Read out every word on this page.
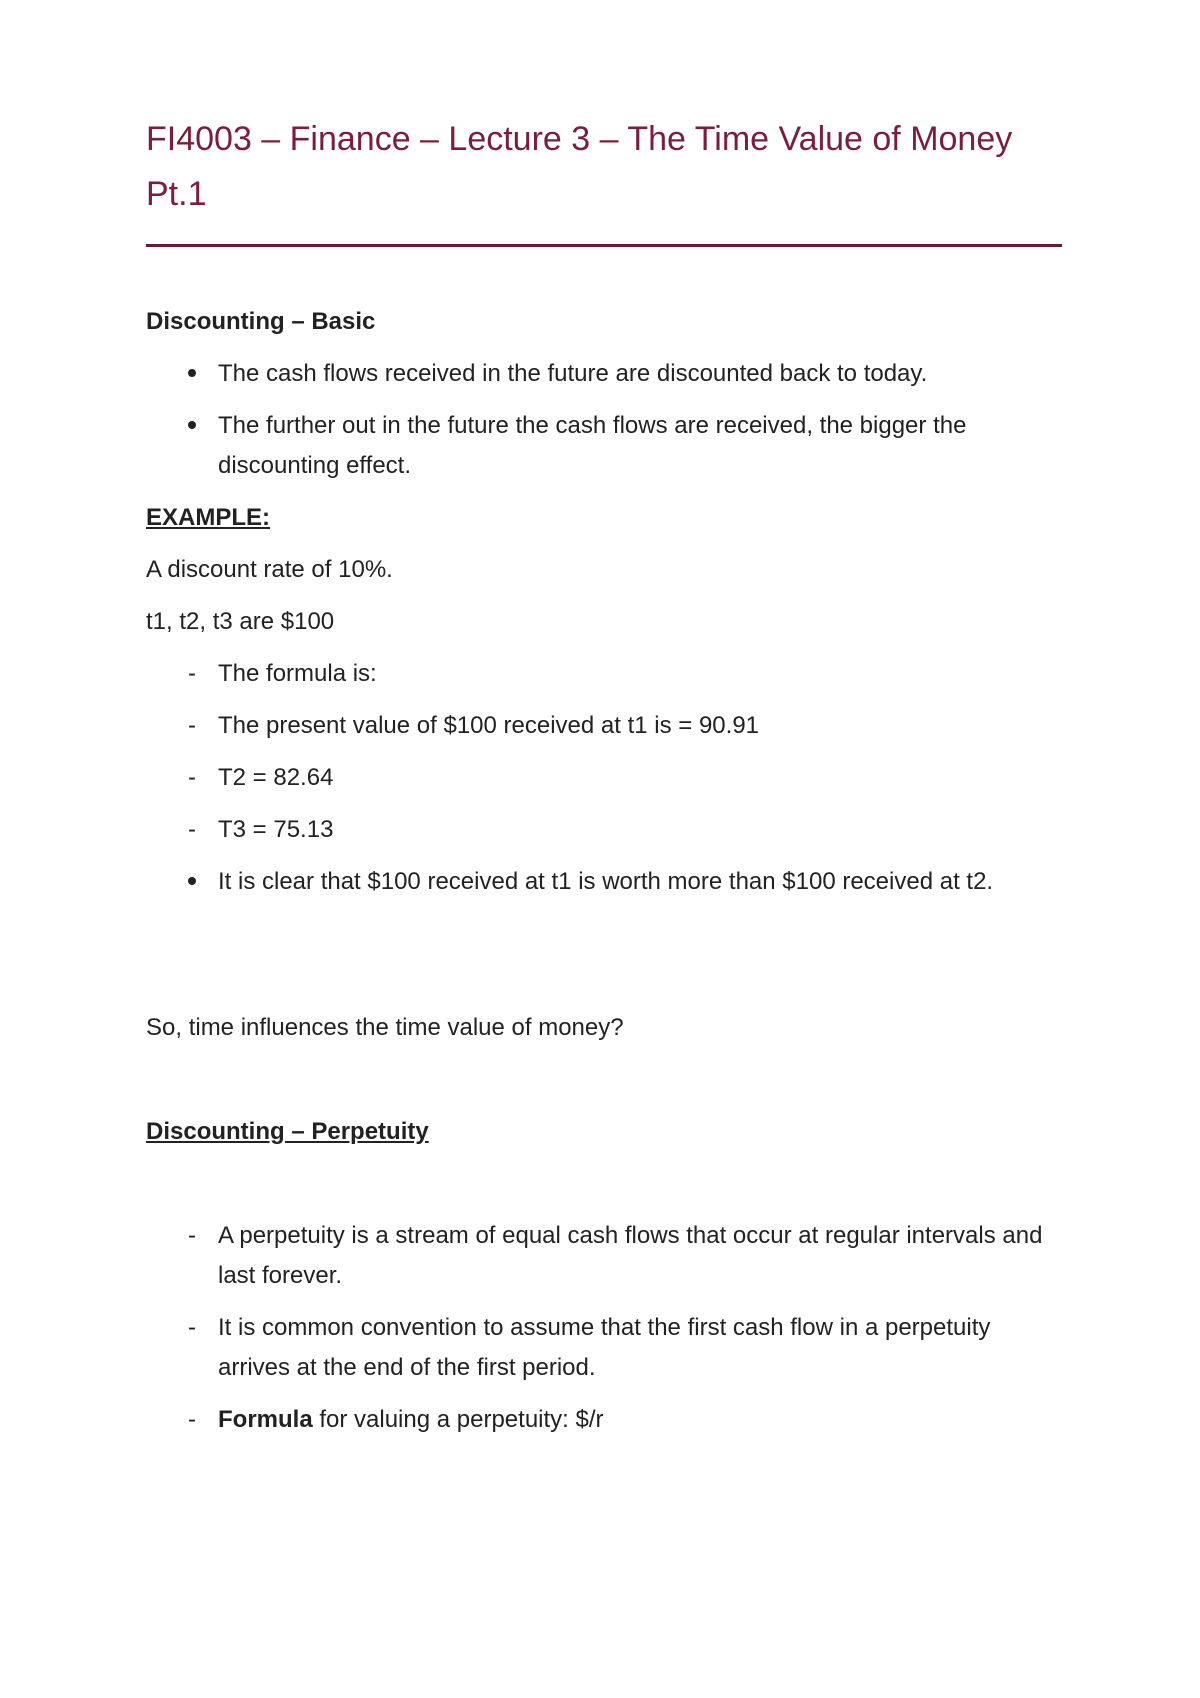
FI4003 – Finance – Lecture 3 – The Time Value of Money Pt.1
Discounting – Basic
The cash flows received in the future are discounted back to today.
The further out in the future the cash flows are received, the bigger the discounting effect.
EXAMPLE:
A discount rate of 10%.
t1, t2, t3 are $100
- The formula is:
- The present value of $100 received at t1 is = 90.91
- T2 = 82.64
- T3 = 75.13
It is clear that $100 received at t1 is worth more than $100 received at t2.
So, time influences the time value of money?
Discounting – Perpetuity
- A perpetuity is a stream of equal cash flows that occur at regular intervals and last forever.
- It is common convention to assume that the first cash flow in a perpetuity arrives at the end of the first period.
- Formula for valuing a perpetuity: $/r
